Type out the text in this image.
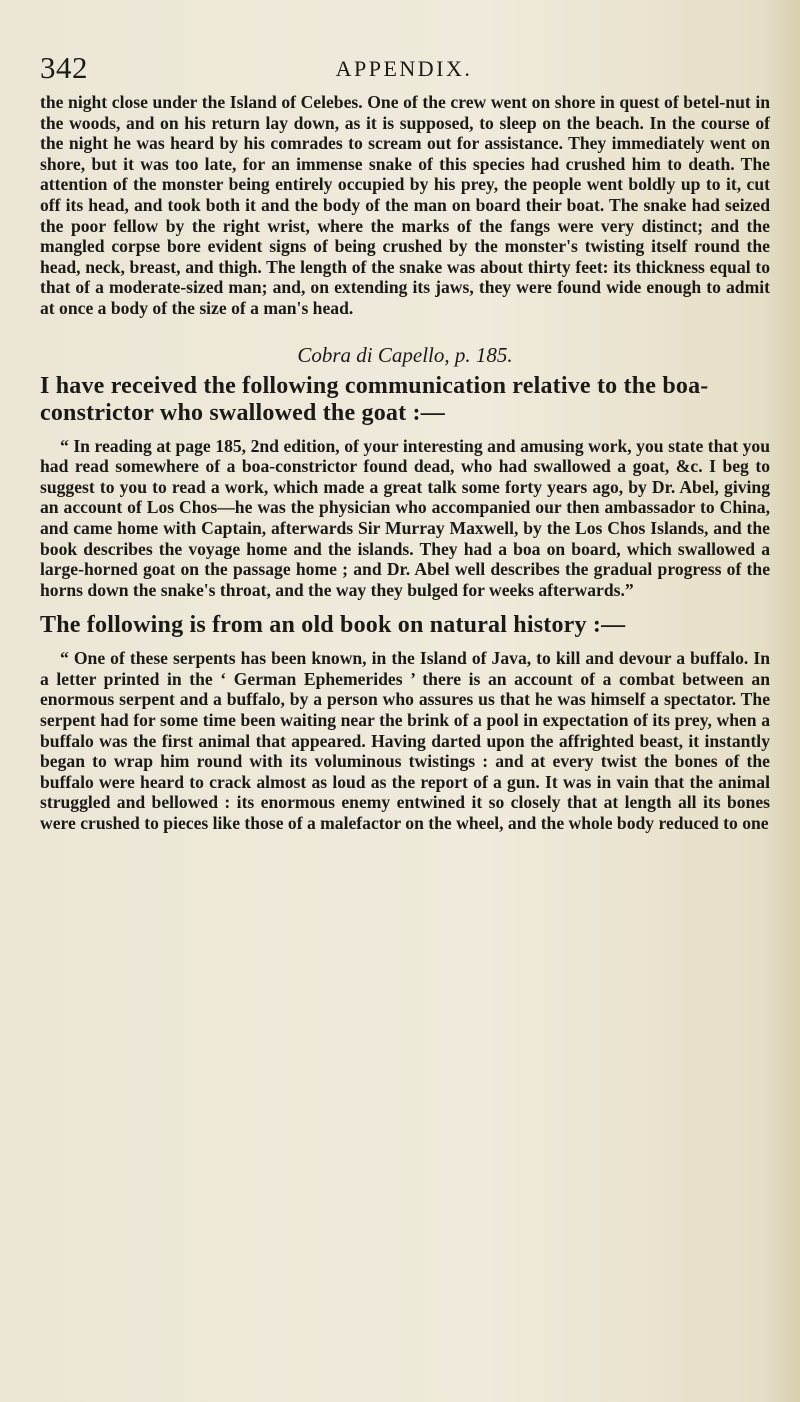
342	APPENDIX.

the night close under the Island of Celebes. One of the crew went on shore in quest of betel-nut in the woods, and on his return lay down, as it is supposed, to sleep on the beach. In the course of the night he was heard by his comrades to scream out for assistance. They immediately went on shore, but it was too late, for an immense snake of this species had crushed him to death. The attention of the monster being entirely occupied by his prey, the people went boldly up to it, cut off its head, and took both it and the body of the man on board their boat. The snake had seized the poor fellow by the right wrist, where the marks of the fangs were very distinct; and the mangled corpse bore evident signs of being crushed by the monster's twisting itself round the head, neck, breast, and thigh. The length of the snake was about thirty feet: its thickness equal to that of a moderate-sized man; and, on extending its jaws, they were found wide enough to admit at once a body of the size of a man's head.

Cobra di Capello, p. 185.
I have received the following communication relative to the boa-constrictor who swallowed the goat :—

“ In reading at page 185, 2nd edition, of your interesting and amusing work, you state that you had read somewhere of a boa-constrictor found dead, who had swallowed a goat, &c. I beg to suggest to you to read a work, which made a great talk some forty years ago, by Dr. Abel, giving an account of Los Chos—he was the physician who accompanied our then ambassador to China, and came home with Captain, afterwards Sir Murray Maxwell, by the Los Chos Islands, and the book describes the voyage home and the islands. They had a boa on board, which swallowed a large-horned goat on the passage home ; and Dr. Abel well describes the gradual progress of the horns down the snake's throat, and the way they bulged for weeks afterwards.”

The following is from an old book on natural history :—

“ One of these serpents has been known, in the Island of Java, to kill and devour a buffalo. In a letter printed in the ‘ German Ephemerides ’ there is an account of a combat between an enormous serpent and a buffalo, by a person who assures us that he was himself a spectator. The serpent had for some time been waiting near the brink of a pool in expectation of its prey, when a buffalo was the first animal that appeared. Having darted upon the affrighted beast, it instantly began to wrap him round with its voluminous twistings : and at every twist the bones of the buffalo were heard to crack almost as loud as the report of a gun. It was in vain that the animal struggled and bellowed : its enormous enemy entwined it so closely that at length all its bones were crushed to pieces like those of a malefactor on the wheel, and the whole body reduced to one
